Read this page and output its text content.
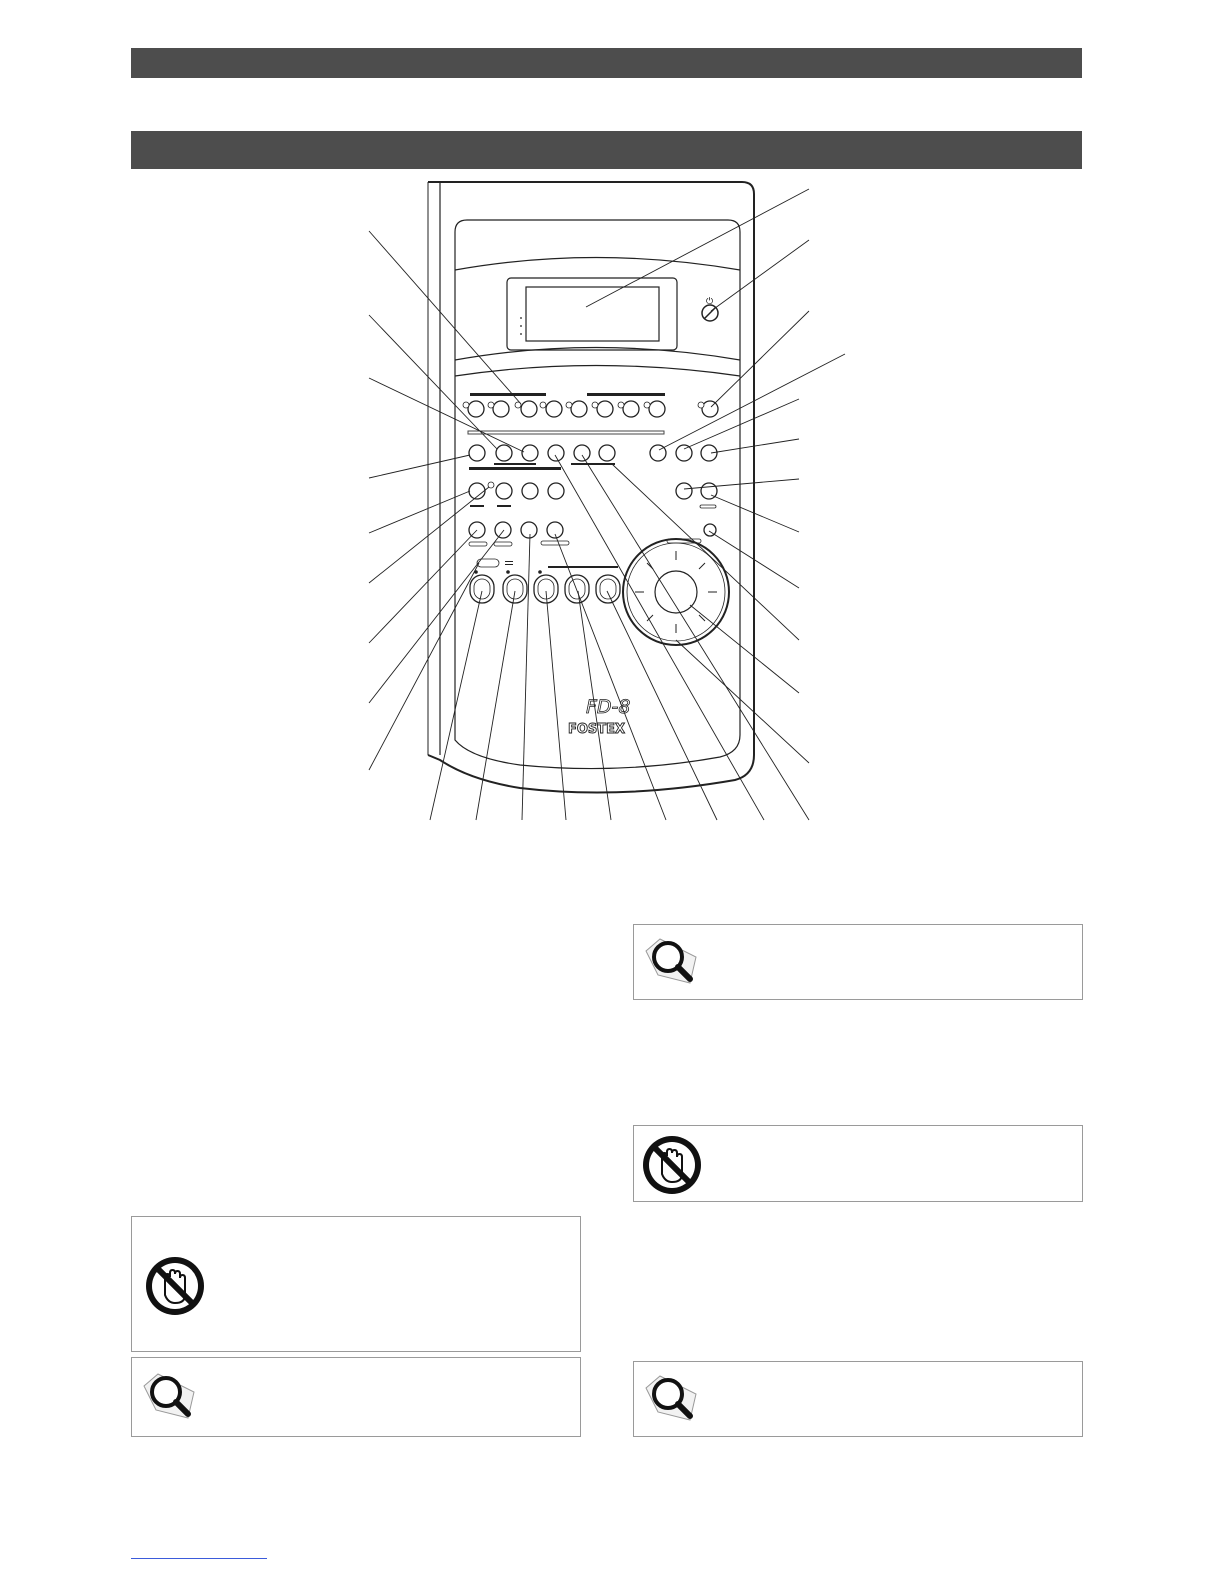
⏻
FD-8
FOSTEX
